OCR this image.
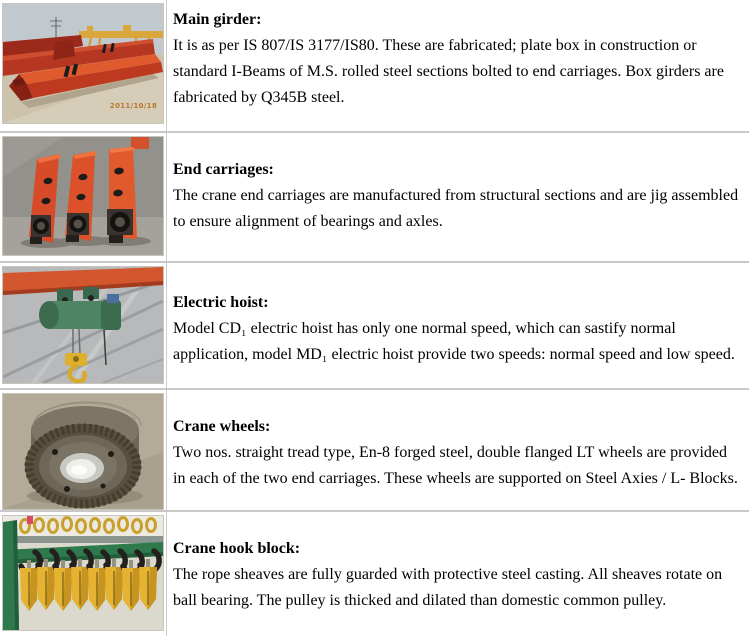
2011/10/18
Main girder:
It is as per IS 807/IS 3177/IS80. These are fabricated; plate box in construction or standard I-Beams of M.S. rolled steel sections bolted to end carriages. Box girders are fabricated by Q345B steel.
End carriages:
The crane end carriages are manufactured from structural sections and are jig assembled to ensure alignment of bearings and axles.
Electric hoist:
Model CD₁ electric hoist has only one normal speed, which can sastify normal application, model MD₁ electric hoist provide two speeds: normal speed and low speed.
Crane wheels:
Two nos. straight tread type, En-8 forged steel, double flanged LT wheels are provided in each of the two end carriages. These wheels are supported on Steel Axies / L- Blocks.
Crane hook block:
The rope sheaves are fully guarded with protective steel casting. All sheaves rotate on ball bearing. The pulley is thicked and dilated than domestic common pulley.
